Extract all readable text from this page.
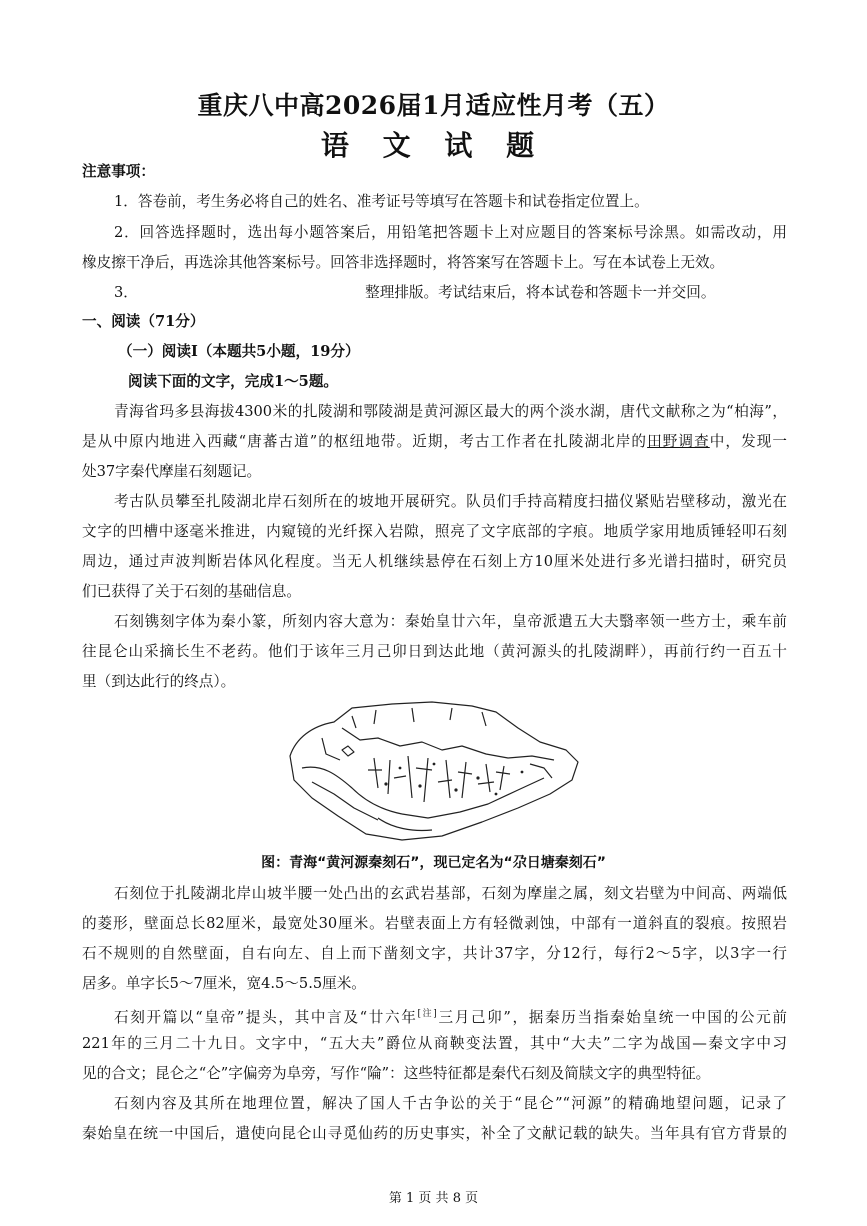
重庆八中高2026届1月适应性月考（五）
语 文 试 题
注意事项：
1．答卷前，考生务必将自己的姓名、准考证号等填写在答题卡和试卷指定位置上。
2．回答选择题时，选出每小题答案后，用铅笔把答题卡上对应题目的答案标号涂黑。如需改动，用
橡皮擦干净后，再选涂其他答案标号。回答非选择题时，将答案写在答题卡上。写在本试卷上无效。
3．	整理排版。考试结束后，将本试卷和答题卡一并交回。
一、阅读（71分）
（一）阅读Ⅰ（本题共5小题，19分）
阅读下面的文字，完成1～5题。
青海省玛多县海拔4300米的扎陵湖和鄂陵湖是黄河源区最大的两个淡水湖，唐代文献称之为“柏海”，
是从中原内地进入西藏“唐蕃古道”的枢纽地带。近期，考古工作者在扎陵湖北岸的田野调查中，发现一
处37字秦代摩崖石刻题记。
考古队员攀至扎陵湖北岸石刻所在的坡地开展研究。队员们手持高精度扫描仪紧贴岩壁移动，激光在
文字的凹槽中逐毫米推进，内窥镜的光纤探入岩隙，照亮了文字底部的字痕。地质学家用地质锤轻叩石刻
周边，通过声波判断岩体风化程度。当无人机继续悬停在石刻上方10厘米处进行多光谱扫描时，研究员
们已获得了关于石刻的基础信息。
石刻镌刻字体为秦小篆，所刻内容大意为：秦始皇廿六年，皇帝派遣五大夫翳率领一些方士，乘车前
往昆仑山采摘长生不老药。他们于该年三月己卯日到达此地（黄河源头的扎陵湖畔），再前行约一百五十
里（到达此行的终点）。
图：青海“黄河源秦刻石”，现已定名为“尕日塘秦刻石”
石刻位于扎陵湖北岸山坡半腰一处凸出的玄武岩基部，石刻为摩崖之属，刻文岩壁为中间高、两端低
的菱形，壁面总长82厘米，最宽处30厘米。岩壁表面上方有轻微剥蚀，中部有一道斜直的裂痕。按照岩
石不规则的自然壁面，自右向左、自上而下凿刻文字，共计37字，分12行，每行2～5字，以3字一行
居多。单字长5～7厘米，宽4.5～5.5厘米。
石刻开篇以“皇帝”提头，其中言及“廿六年[注]三月己卯”，据秦历当指秦始皇统一中国的公元前
221年的三月二十九日。文字中，“五大夫”爵位从商鞅变法置，其中“大夫”二字为战国—秦文字中习
见的合文；昆仑之“仑”字偏旁为阜旁，写作“陯”：这些特征都是秦代石刻及简牍文字的典型特征。
石刻内容及其所在地理位置，解决了国人千古争讼的关于“昆仑”“河源”的精确地望问题，记录了
秦始皇在统一中国后，遣使向昆仑山寻觅仙药的历史事实，补全了文献记载的缺失。当年具有官方背景的
第 1 页 共 8 页
